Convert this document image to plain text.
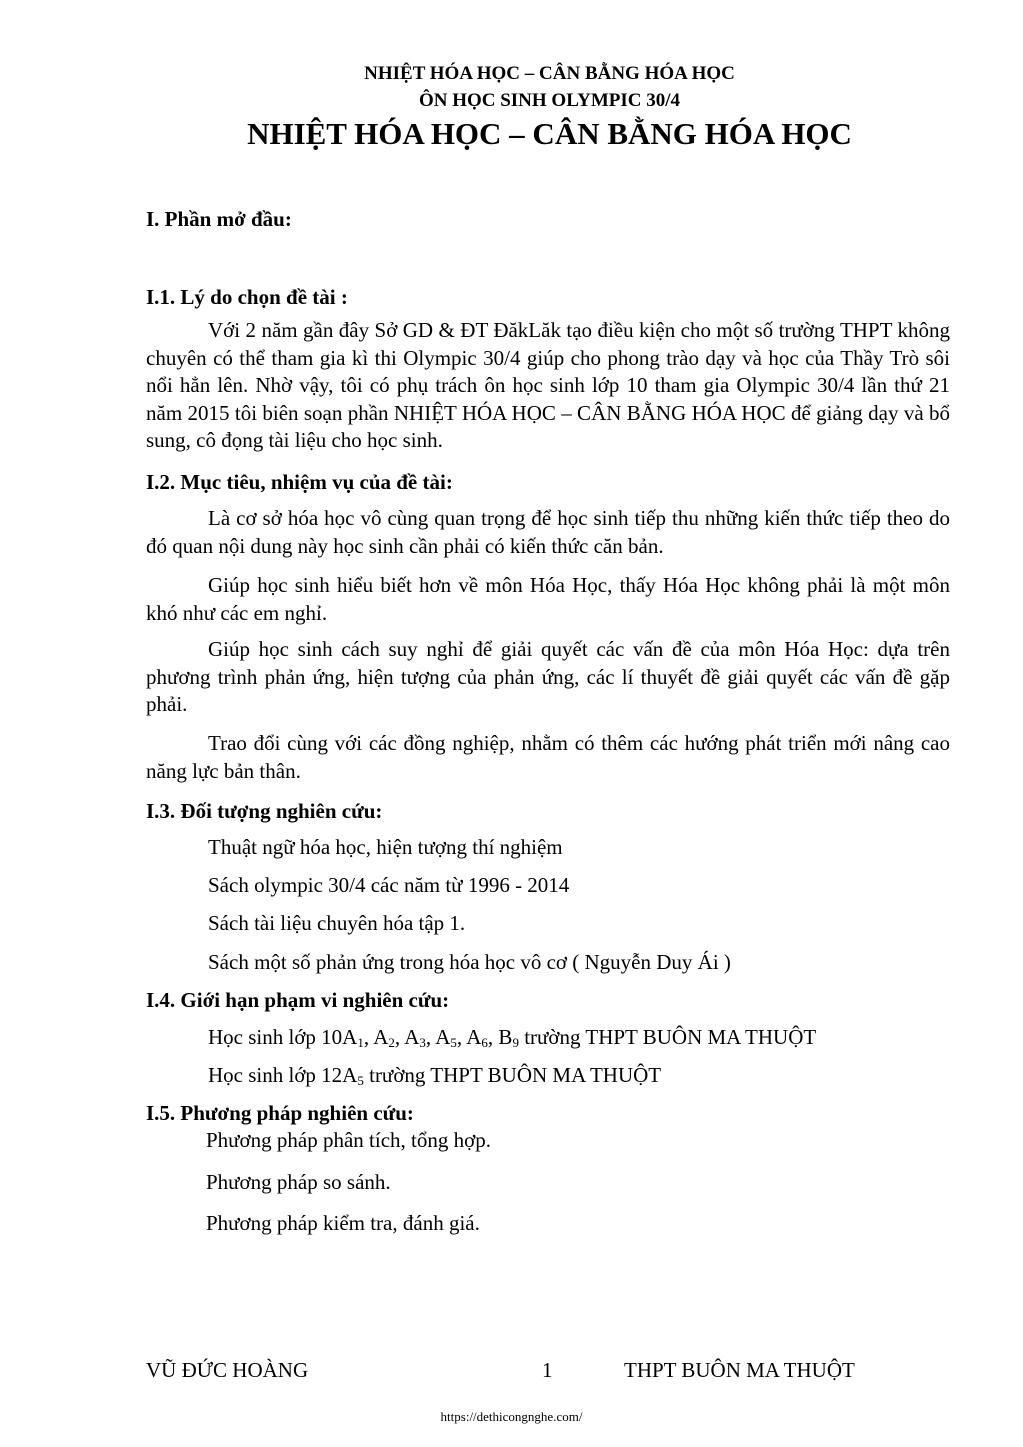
NHIỆT HÓA HỌC – CÂN BẰNG HÓA HỌC
ÔN HỌC SINH OLYMPIC 30/4
NHIỆT HÓA HỌC – CÂN BẰNG HÓA HỌC
I. Phần mở đầu:
I.1. Lý do chọn đề tài :

Với 2 năm gần đây Sở GD & ĐT ĐăkLăk tạo điều kiện cho một số trường THPT không chuyên có thể tham gia kì thi Olympic 30/4 giúp cho phong trào dạy và học của Thầy Trò sôi nổi hẳn lên. Nhờ vậy, tôi có phụ trách ôn học sinh lớp 10 tham gia Olympic 30/4 lần thứ 21 năm 2015 tôi biên soạn phần NHIỆT HÓA HỌC – CÂN BẰNG HÓA HỌC để giảng dạy và bổ sung, cô đọng tài liệu cho học sinh.

I.2. Mục tiêu, nhiệm vụ của đề tài:

Là cơ sở hóa học vô cùng quan trọng để học sinh tiếp thu những kiến thức tiếp theo do đó quan nội dung này học sinh cần phải có kiến thức căn bản.

Giúp học sinh hiểu biết hơn về môn Hóa Học, thấy Hóa Học không phải là một môn khó như các em nghỉ.

Giúp học sinh cách suy nghỉ để giải quyết các vấn đề của môn Hóa Học: dựa trên phương trình phản ứng, hiện tượng của phản ứng, các lí thuyết đề giải quyết các vấn đề gặp phải.

Trao đổi cùng với các đồng nghiệp, nhằm có thêm các hướng phát triển mới nâng cao năng lực bản thân.

I.3. Đối tượng nghiên cứu:
Thuật ngữ hóa học, hiện tượng thí nghiệm
Sách olympic 30/4 các năm từ 1996 - 2014
Sách tài liệu chuyên hóa tập 1.
Sách một số phản ứng trong hóa học vô cơ ( Nguyễn Duy Ái )
I.4. Giới hạn phạm vi nghiên cứu:
Học sinh lớp $10A_1$, $A_2$, $A_3$, $A_5$, $A_6$, $B_9$ trường THPT BUÔN MA THUỘT
Học sinh lớp $12A_5$ trường THPT BUÔN MA THUỘT
I.5. Phương pháp nghiên cứu:
Phương pháp phân tích, tổng hợp.
Phương pháp so sánh.
Phương pháp kiểm tra, đánh giá.
VŨ ĐỨC HOÀNG	1	THPT BUÔN MA THUỘT
https://dethicongnghe.com/
